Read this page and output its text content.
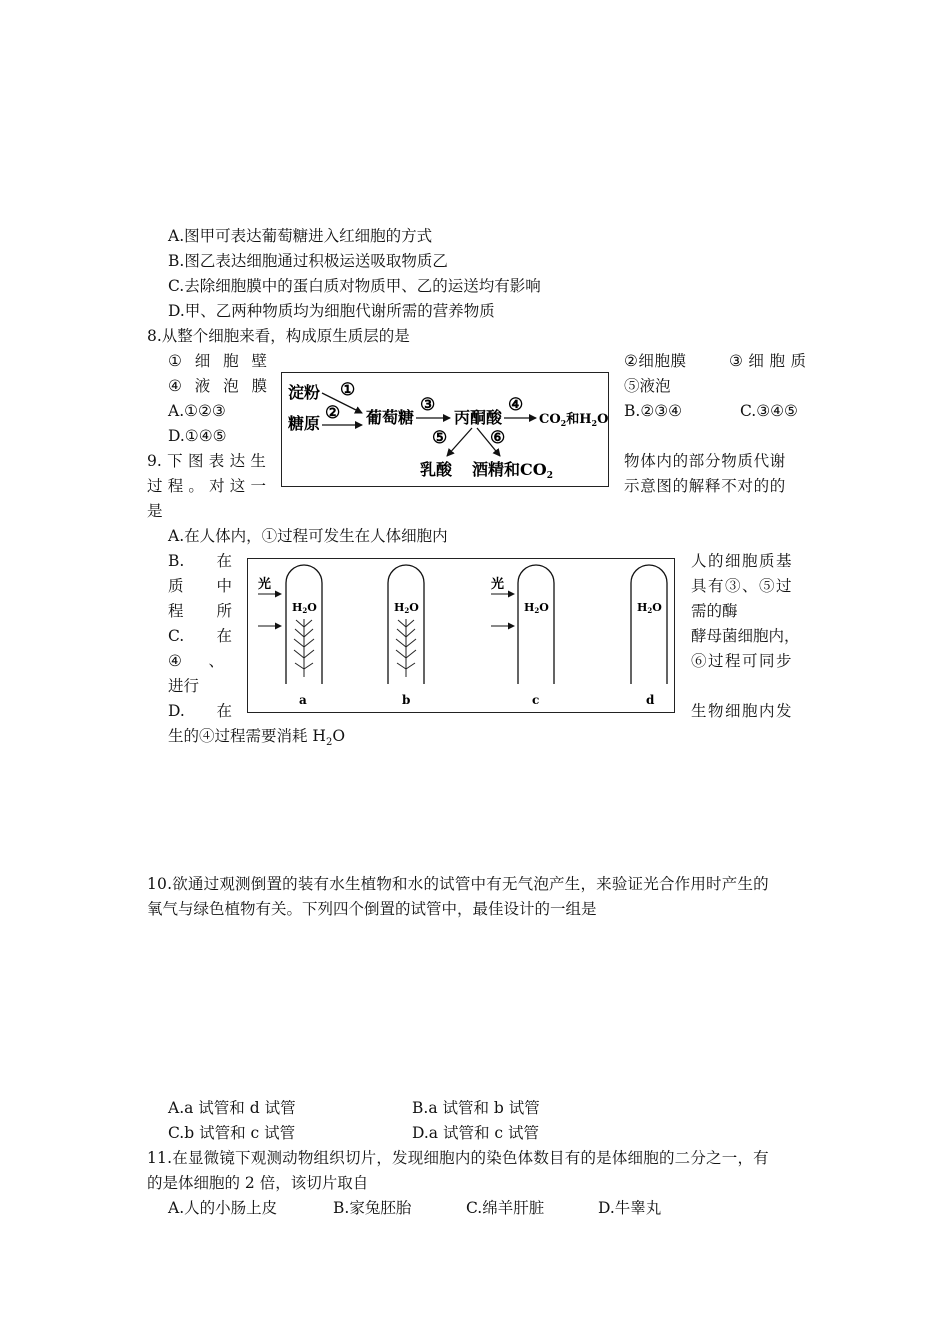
A.图甲可表达葡萄糖进入红细胞的方式
B.图乙表达细胞通过积极运送吸取物质乙
C.去除细胞膜中的蛋白质对物质甲、乙的运送均有影响
D.甲、乙两种物质均为细胞代谢所需的营养物质
8.从整个细胞来看，构成原生质层的是
① 细 胞 壁	② 细 胞 膜	③ 细 胞 质
④ 液 泡 膜	⑤液泡
A.①②③	B.②③④	C.③④⑤
D.①④⑤
淀粉
糖原
①
② 葡萄糖
③
丙酮酸
④
$CO_2$和$H_2O$
⑤	⑥
乳酸 酒精和CO2
9. 下 图 表 达 生	物体内的部分物质代谢
过 程 。 对 这 一	示意图的解释不对的的
是
A.在人体内，①过程可发生在人体细胞内
B. 在	人的细胞质基
质 中	具有③、⑤过
程 所	需的酶
C. 在	酵母菌细胞内，
④ 、	⑥过程可同步
进行
D. 在	生物细胞内发
生的④过程需要消耗 $H_2O$
光
H2O
a
H2O
b
光
H2O
c
H2O
d
10.欲通过观测倒置的装有水生植物和水的试管中有无气泡产生，来验证光合作用时产生的
氧气与绿色植物有关。下列四个倒置的试管中，最佳设计的一组是
A.a 试管和 d 试管	B.a 试管和 b 试管
C.b 试管和 c 试管	D.a 试管和 c 试管
11.在显微镜下观测动物组织切片，发现细胞内的染色体数目有的是体细胞的二分之一，有
的是体细胞的 2 倍，该切片取自
A.人的小肠上皮	B.家兔胚胎	C.绵羊肝脏	D.牛睾丸
